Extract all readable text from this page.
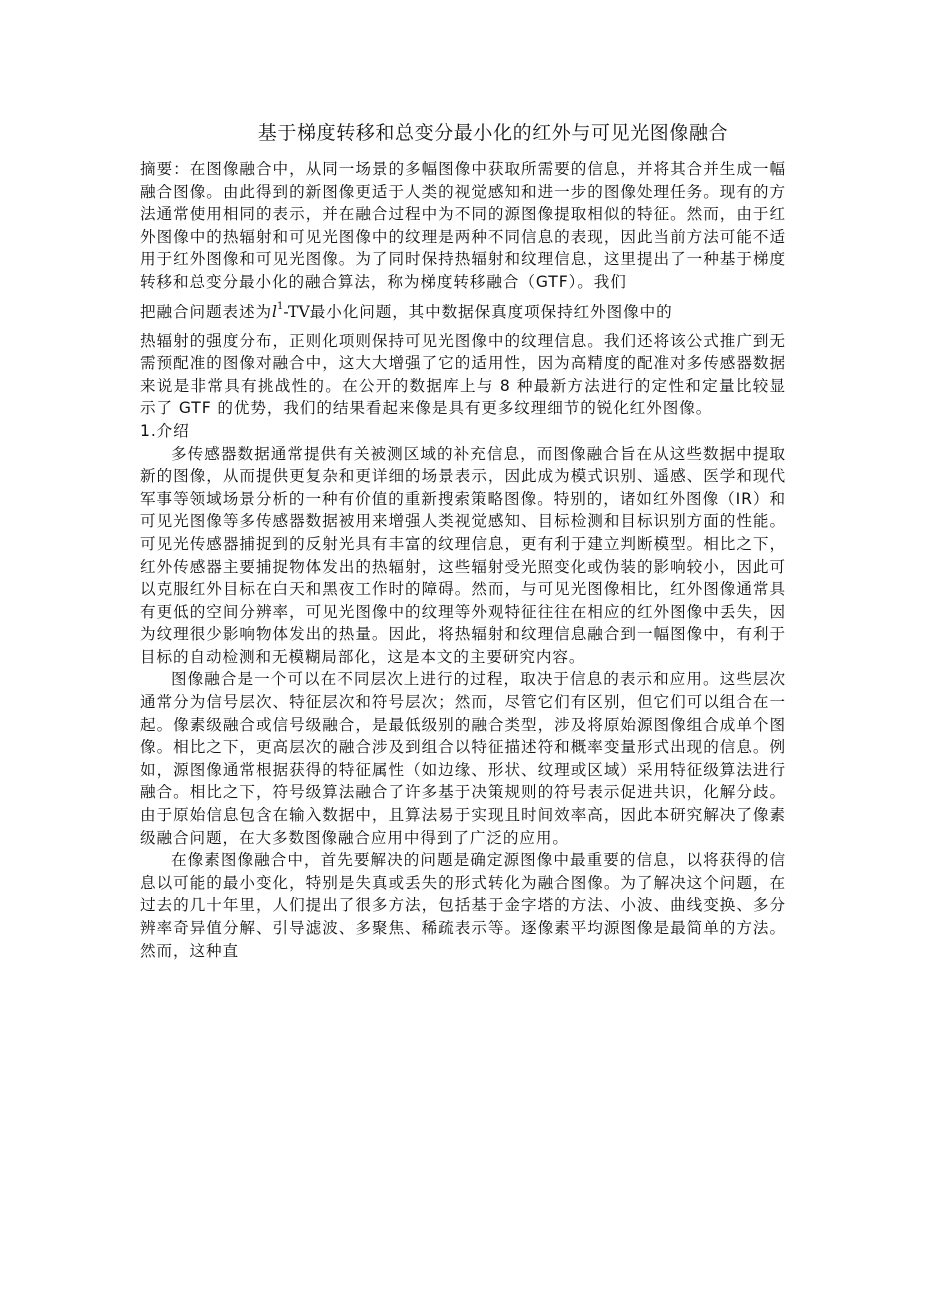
基于梯度转移和总变分最小化的红外与可见光图像融合

摘要：在图像融合中，从同一场景的多幅图像中获取所需要的信息，并将其合并生成一幅融合图像。由此得到的新图像更适于人类的视觉感知和进一步的图像处理任务。现有的方法通常使用相同的表示，并在融合过程中为不同的源图像提取相似的特征。然而，由于红外图像中的热辐射和可见光图像中的纹理是两种不同信息的表现，因此当前方法可能不适用于红外图像和可见光图像。为了同时保持热辐射和纹理信息，这里提出了一种基于梯度转移和总变分最小化的融合算法，称为梯度转移融合（GTF）。我们
把融合问题表述为$l^1-TV$最小化问题，其中数据保真度项保持红外图像中的
热辐射的强度分布，正则化项则保持可见光图像中的纹理信息。我们还将该公式推广到无需预配准的图像对融合中，这大大增强了它的适用性，因为高精度的配准对多传感器数据来说是非常具有挑战性的。在公开的数据库上与 8 种最新方法进行的定性和定量比较显示了 GTF 的优势，我们的结果看起来像是具有更多纹理细节的锐化红外图像。

1.介绍

多传感器数据通常提供有关被测区域的补充信息，而图像融合旨在从这些数据中提取新的图像，从而提供更复杂和更详细的场景表示，因此成为模式识别、遥感、医学和现代军事等领域场景分析的一种有价值的重新搜索策略图像。特别的，诸如红外图像（IR）和可见光图像等多传感器数据被用来增强人类视觉感知、目标检测和目标识别方面的性能。可见光传感器捕捉到的反射光具有丰富的纹理信息，更有利于建立判断模型。相比之下，红外传感器主要捕捉物体发出的热辐射，这些辐射受光照变化或伪装的影响较小，因此可以克服红外目标在白天和黑夜工作时的障碍。然而，与可见光图像相比，红外图像通常具有更低的空间分辨率，可见光图像中的纹理等外观特征往往在相应的红外图像中丢失，因为纹理很少影响物体发出的热量。因此，将热辐射和纹理信息融合到一幅图像中，有利于目标的自动检测和无模糊局部化，这是本文的主要研究内容。

图像融合是一个可以在不同层次上进行的过程，取决于信息的表示和应用。这些层次通常分为信号层次、特征层次和符号层次；然而，尽管它们有区别，但它们可以组合在一起。像素级融合或信号级融合，是最低级别的融合类型，涉及将原始源图像组合成单个图像。相比之下，更高层次的融合涉及到组合以特征描述符和概率变量形式出现的信息。例如，源图像通常根据获得的特征属性（如边缘、形状、纹理或区域）采用特征级算法进行融合。相比之下，符号级算法融合了许多基于决策规则的符号表示促进共识，化解分歧。由于原始信息包含在输入数据中，且算法易于实现且时间效率高，因此本研究解决了像素级融合问题，在大多数图像融合应用中得到了广泛的应用。

在像素图像融合中，首先要解决的问题是确定源图像中最重要的信息，以将获得的信息以可能的最小变化，特别是失真或丢失的形式转化为融合图像。为了解决这个问题，在过去的几十年里，人们提出了很多方法，包括基于金字塔的方法、小波、曲线变换、多分辨率奇异值分解、引导滤波、多聚焦、稀疏表示等。逐像素平均源图像是最简单的方法。然而，这种直
